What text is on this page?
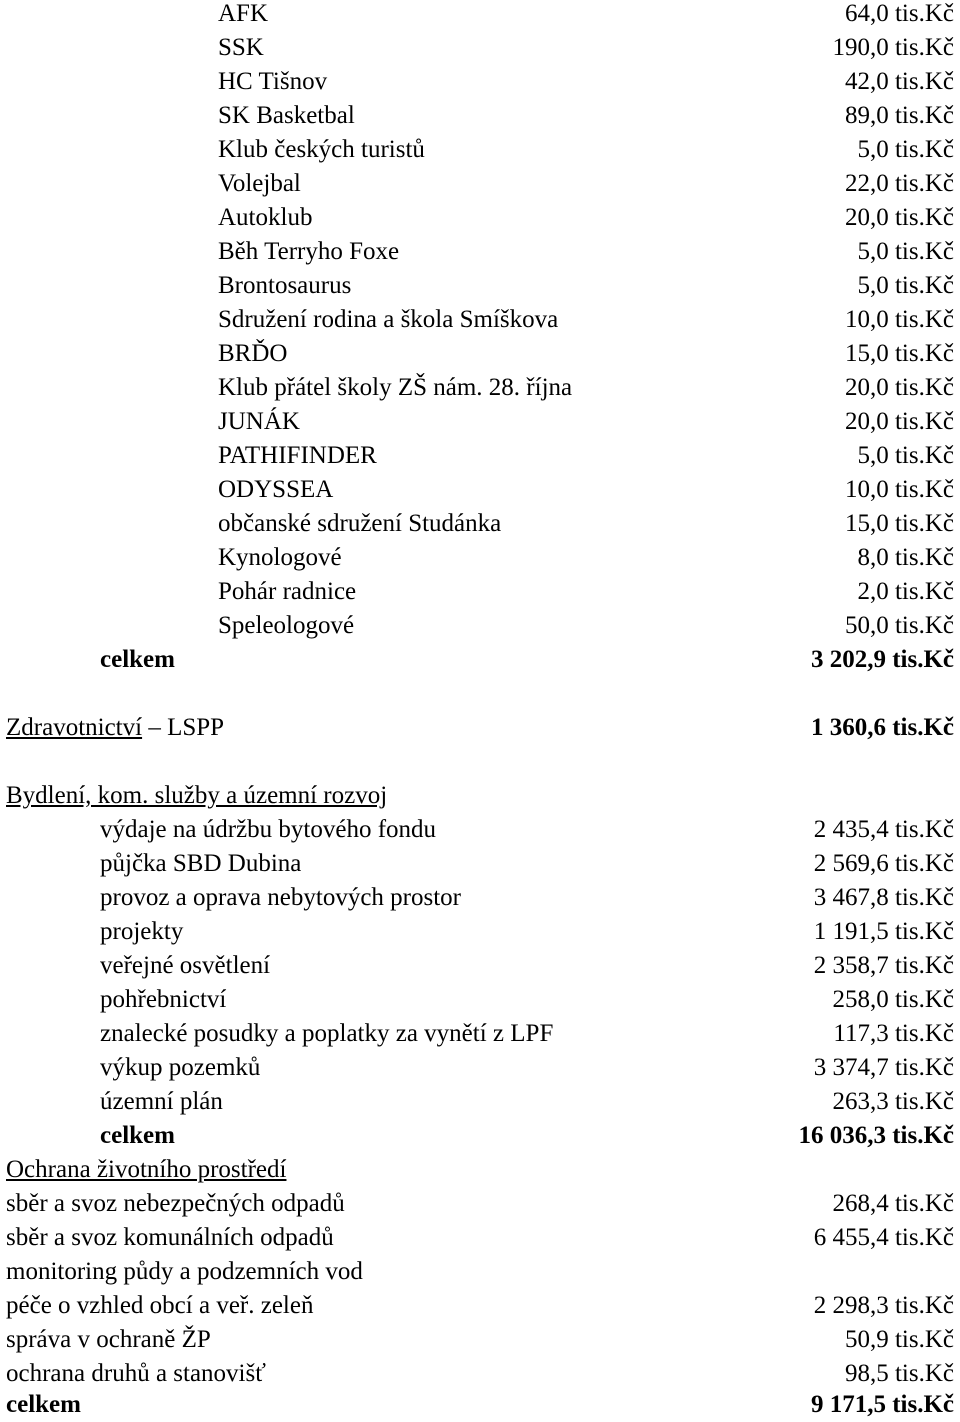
AFK	64,0 tis.Kč
SSK	190,0 tis.Kč
HC Tišnov	42,0 tis.Kč
SK Basketbal	89,0 tis.Kč
Klub českých turistů	5,0 tis.Kč
Volejbal	22,0 tis.Kč
Autoklub	20,0 tis.Kč
Běh Terryho Foxe	5,0 tis.Kč
Brontosaurus	5,0 tis.Kč
Sdružení rodina a škola Smíškova	10,0 tis.Kč
BRĎO	15,0 tis.Kč
Klub přátel školy ZŠ nám. 28. října	20,0 tis.Kč
JUNÁK	20,0 tis.Kč
PATHIFINDER	5,0 tis.Kč
ODYSSEA	10,0 tis.Kč
občanské sdružení Studánka	15,0 tis.Kč
Kynologové	8,0 tis.Kč
Pohár radnice	2,0 tis.Kč
Speleologové	50,0 tis.Kč
celkem	3 202,9 tis.Kč
Zdravotnictví – LSPP	1 360,6 tis.Kč
Bydlení, kom. služby a územní rozvoj
výdaje na údržbu bytového fondu	2 435,4 tis.Kč
půjčka SBD Dubina	2 569,6 tis.Kč
provoz a oprava nebytových prostor	3 467,8 tis.Kč
projekty	1 191,5 tis.Kč
veřejné osvětlení	2 358,7 tis.Kč
pohřebnictví	258,0 tis.Kč
znalecké posudky a poplatky za vynětí z LPF	117,3 tis.Kč
výkup pozemků	3 374,7 tis.Kč
územní plán	263,3 tis.Kč
celkem	16 036,3 tis.Kč
Ochrana životního prostředí
sběr a svoz nebezpečných odpadů	268,4 tis.Kč
sběr a svoz komunálních odpadů	6 455,4 tis.Kč
monitoring půdy a podzemních vod
péče o vzhled obcí a veř. zeleň	2 298,3 tis.Kč
správa v ochraně ŽP	50,9 tis.Kč
ochrana druhů a stanovišť	98,5 tis.Kč
celkem	9 171,5 tis.Kč
